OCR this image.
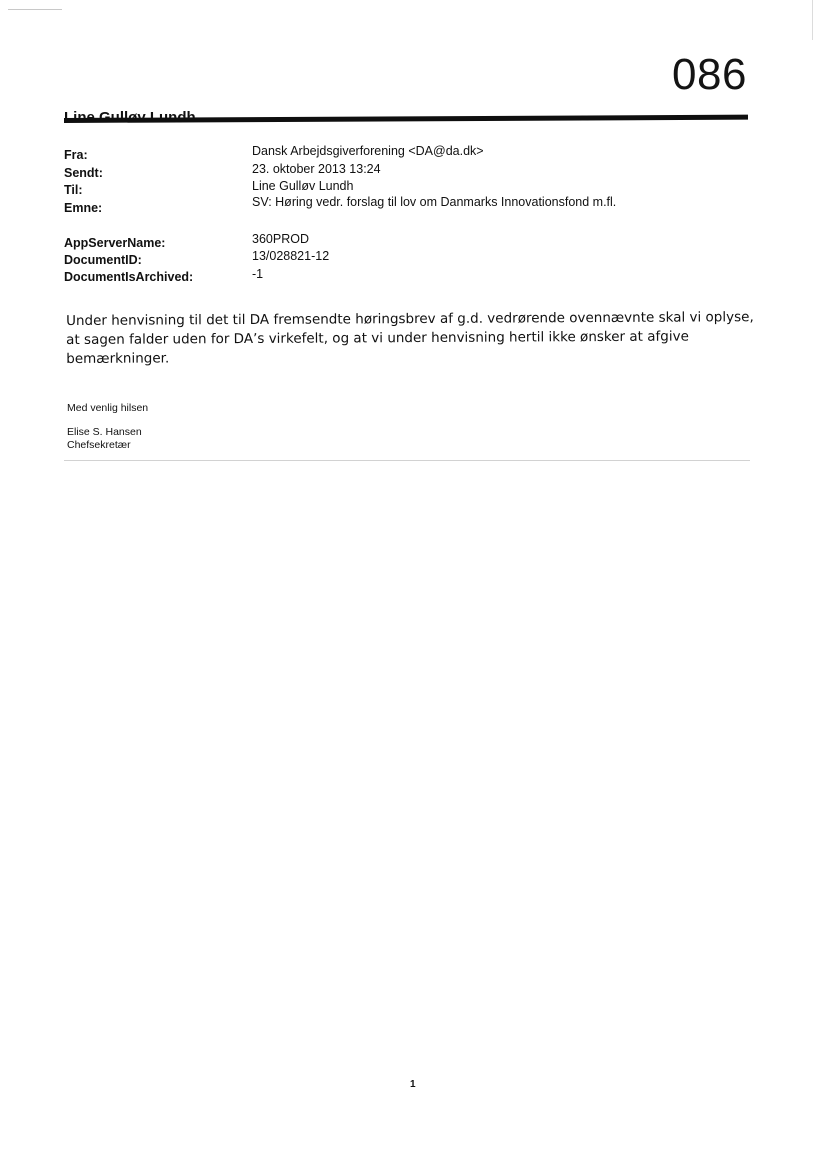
086
Fra:	Dansk Arbejdsgiverforening <DA@da.dk>
Sendt:	23. oktober 2013 13:24
Til:	Line Gulløv Lundh
Emne:	SV: Høring vedr. forslag til lov om Danmarks Innovationsfond m.fl.
AppServerName:	360PROD
DocumentID:	13/028821-12
DocumentIsArchived:	-1
Under henvisning til det til DA fremsendte høringsbrev af g.d. vedrørende ovennævnte skal vi oplyse,
at sagen falder uden for DA’s virkefelt, og at vi under henvisning hertil ikke ønsker at afgive
bemærkninger.
Med venlig hilsen
Elise S. Hansen
Chefsekretær
1
